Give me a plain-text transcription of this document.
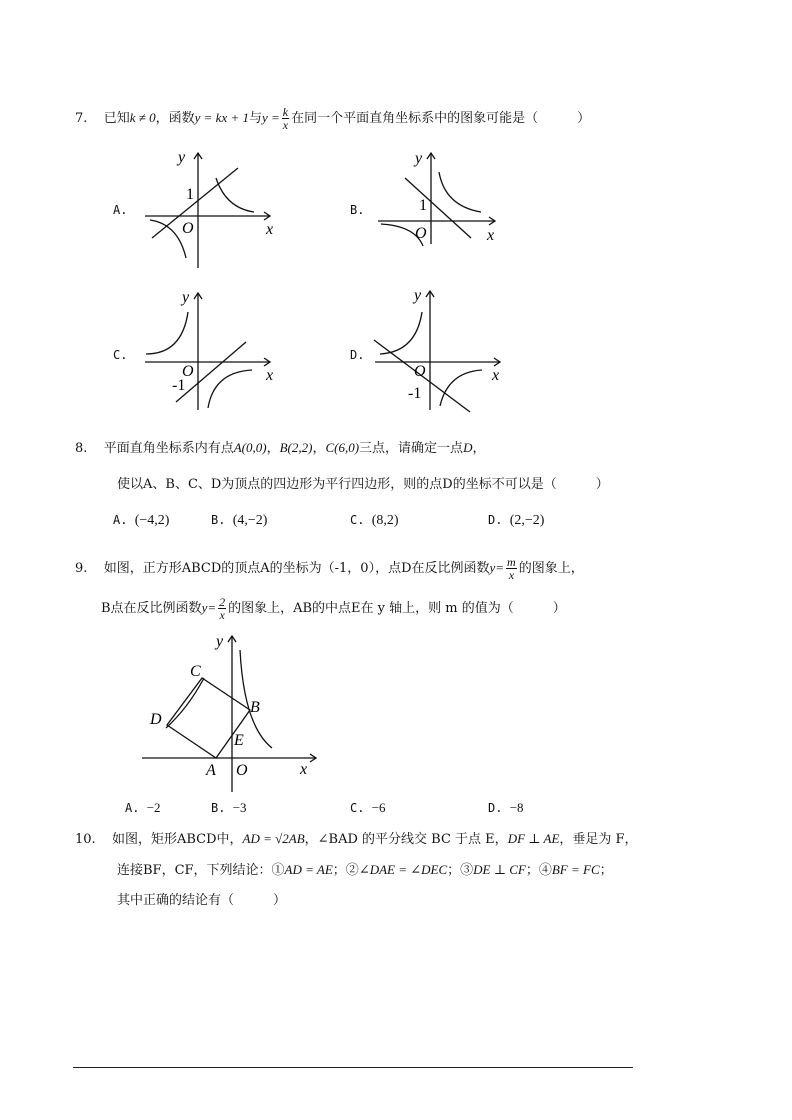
7. 已知k ≠ 0，函数y = kx + 1与$y = \frac{k}{x}$ 在同一个平面直角坐标系中的图象可能是（　　　）
A.
y
x
O
1
B.
y
x
O
1
C.
y
x
O
-1
D.
y
x
O
-1
8. 平面直角坐标系内有点A(0,0)，B(2,2)，C(6,0)三点，请确定一点D，
使以A、B、C、D为顶点的四边形为平行四边形，则的点D的坐标不可以是（　　　）
A. (−4,2)	B. (4,−2)	C. (8,2)	D. (2,−2)
9. 如图，正方形ABCD的顶点A的坐标为（-1，0），点D在反比例函数$y= \frac{m}{x}$ 的图象上，
B点在反比例函数$y= \frac{2}{x}$ 的图象上，AB的中点E在 y 轴上，则 m 的值为（　　　）
y
x
O
A
B
C
D
E
A. −2	B. −3	C. −6	D. −8
10. 如图，矩形ABCD中，AD = √2AB，∠BAD 的平分线交 BC 于点 E，DF ⊥ AE，垂足为 F，
连接BF，CF，下列结论：①AD = AE；②∠DAE = ∠DEC；③DE ⊥ CF；④BF = FC；
其中正确的结论有（　　　）
